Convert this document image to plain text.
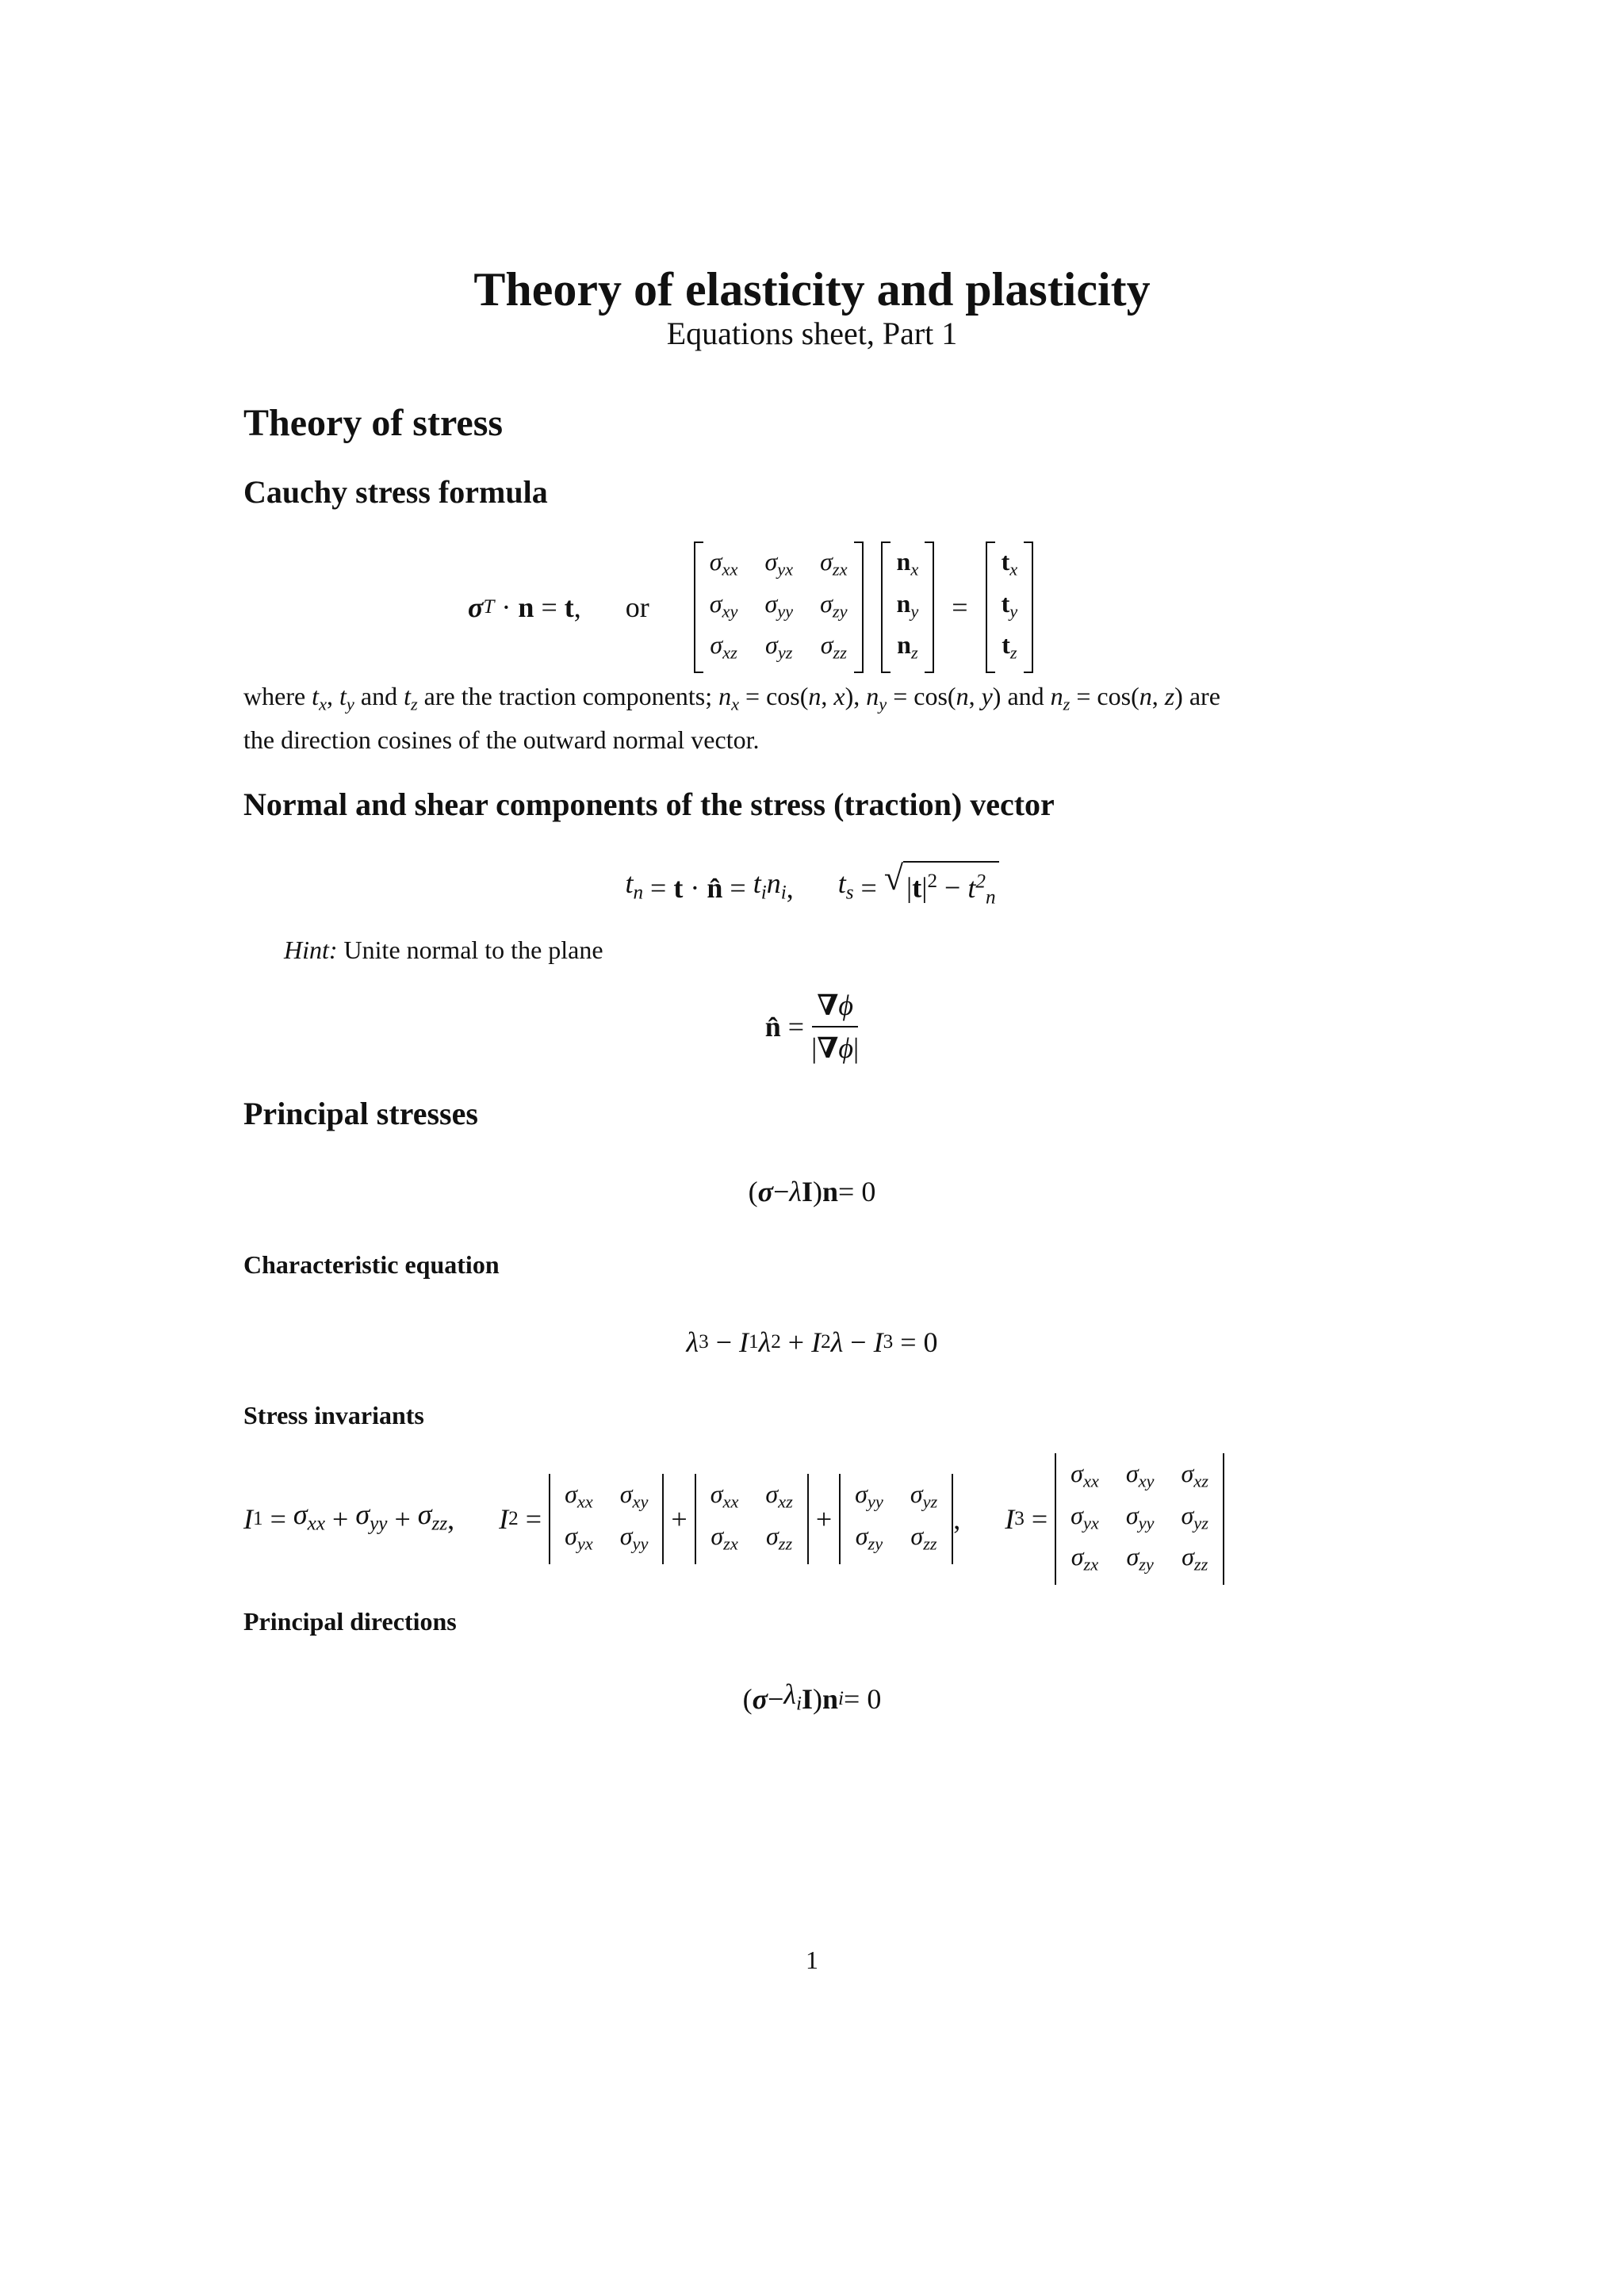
Theory of elasticity and plasticity
Equations sheet, Part 1
Theory of stress
Cauchy stress formula
σ T · n = t , or
$\sigma_{xx}$ $\sigma_{yx}$ $\sigma_{zx}$
$\sigma_{xy}$ $\sigma_{yy}$ $\sigma_{zy}$
$\sigma_{xz}$ $\sigma_{yz}$ $\sigma_{zz}$
$n_x$
$n_y$
$n_z$
=
$t_x$
$t_y$
$t_z$
where $t_x$, $t_y$ and $t_z$ are the traction components; $n_x = \cos(n$, x), $n_y = \cos(n$, y) and $n_z = \cos(n$, z) are
the direction cosines of the outward normal vector.
Normal and shear components of the stress (traction) vector
$t_n = t$ · n̂ = $t_in_i$ , $t_s$ = √ $|t|^2 - t^2_n$
Hint: Unite normal to the plane
n̂ = $\frac{\nabla\phi}{|\nabla\phi|}$
Principal stresses
( σ − λ I ) n = 0
Characteristic equation
λ 3 − I 1 λ 2 + I 2 λ − I 3 = 0
Stress invariants
I $1 = \sigma_{xx} + \sigma_{yy} + \sigma_{zz}$ , I 2 =
$\sigma_{xx}$ $\sigma_{xy}$
$\sigma_{yx}$ $\sigma_{yy}$
+
$\sigma_{xx}$ $\sigma_{xz}$
$\sigma_{zx}$ $\sigma_{zz}$
+
$\sigma_{yy}$ $\sigma_{yz}$
$\sigma_{zy}$ $\sigma_{zz}$
, I 3 =
$\sigma_{xx}$ $\sigma_{xy}$ $\sigma_{xz}$
$\sigma_{yx}$ $\sigma_{yy}$ $\sigma_{yz}$
$\sigma_{zx}$ $\sigma_{zy}$ $\sigma_{zz}$
Principal directions
( $\sigma - \lambda_i$ I ) n i = 0
1
